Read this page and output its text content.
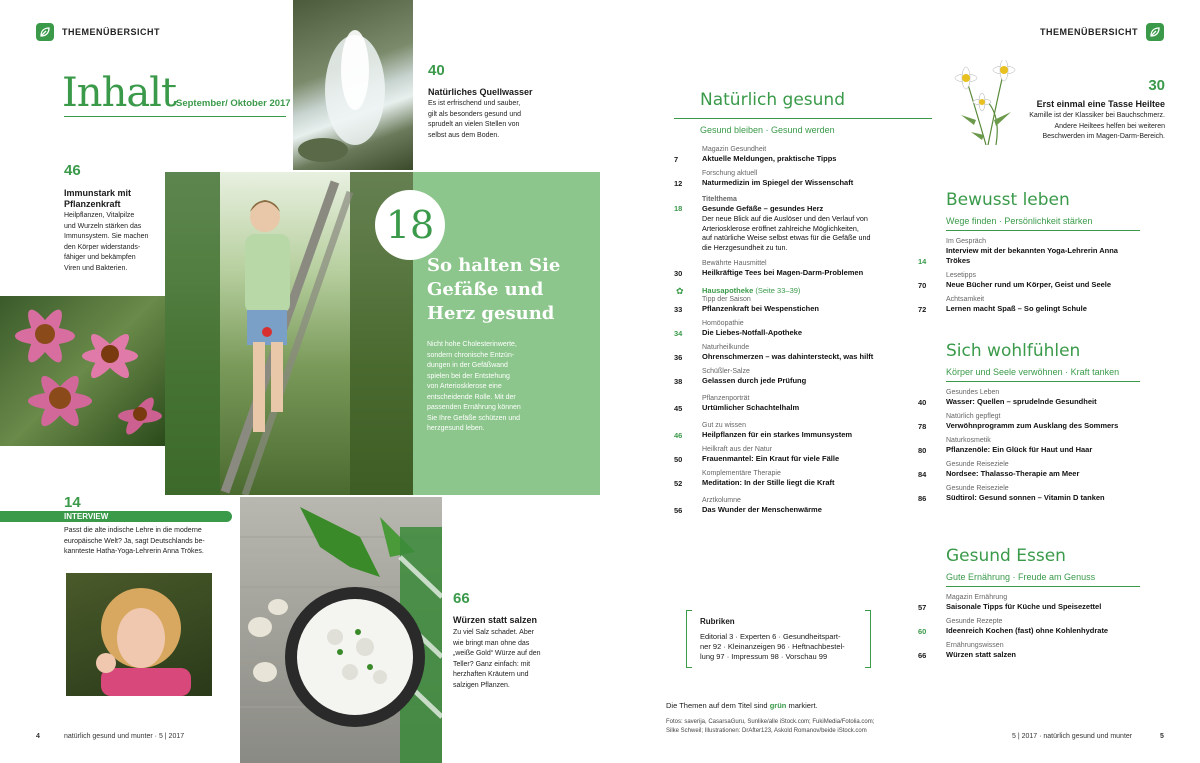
THEMENÜBERSICHT
Inhalt September/ Oktober 2017
40
Natürliches Quellwasser
Es ist erfrischend und sauber,
gilt als besonders gesund und
sprudelt an vielen Stellen von
selbst aus dem Boden.
46
Immunstark mit
Pflanzenkraft
Heilpflanzen, Vitalpilze
und Wurzeln stärken das
Immunsystem. Sie machen
den Körper widerstands-
fähiger und bekämpfen
Viren und Bakterien.
18
So halten Sie
Gefäße und
Herz gesund
Nicht hohe Cholesterinwerte,
sondern chronische Entzün-
dungen in der Gefäßwand
spielen bei der Entstehung
von Arteriosklerose eine
entscheidende Rolle. Mit der
passenden Ernährung können
Sie Ihre Gefäße schützen und
herzgesund leben.
14
INTERVIEW
Passt die alte indische Lehre in die moderne
europäische Welt? Ja, sagt Deutschlands be-
kannteste Hatha-Yoga-Lehrerin Anna Trökes.
66
Würzen statt salzen
Zu viel Salz schadet. Aber
wie bringt man ohne das
„weiße Gold“ Würze auf den
Teller? Ganz einfach: mit
herzhaften Kräutern und
salzigen Pflanzen.
4	natürlich gesund und munter · 5 | 2017
THEMENÜBERSICHT
Natürlich gesund
Gesund bleiben · Gesund werden
Magazin Gesundheit
Aktuelle Meldungen, praktische Tipps
7
Forschung aktuell
Naturmedizin im Spiegel der Wissenschaft
12
Titelthema
Gesunde Gefäße – gesundes Herz
18
Der neue Blick auf die Auslöser und den Verlauf von
Arteriosklerose eröffnet zahlreiche Möglichkeiten,
auf natürliche Weise selbst etwas für die Gefäße und
die Herzgesundheit zu tun.
Bewährte Hausmittel
Heilkräftige Tees bei Magen-Darm-Problemen
30
✿ Hausapotheke (Seite 33–39)
Tipp der Saison
Pflanzenkraft bei Wespenstichen
33
Homöopathie
Die Liebes-Notfall-Apotheke
34
Naturheilkunde
Ohrenschmerzen – was dahintersteckt, was hilft
36
Schüßler-Salze
Gelassen durch jede Prüfung
38
Pflanzenporträt
Urtümlicher Schachtelhalm
45
Gut zu wissen
Heilpflanzen für ein starkes Immunsystem
46
Heilkraft aus der Natur
Frauenmantel: Ein Kraut für viele Fälle
50
Komplementäre Therapie
Meditation: In der Stille liegt die Kraft
52
Arztkolumne
Das Wunder der Menschenwärme
56
Rubriken
Editorial 3 · Experten 6 · Gesundheitspart-
ner 92 · Kleinanzeigen 96 · Heftnachbestel-
lung 97 · Impressum 98 · Vorschau 99
Die Themen auf dem Titel sind grün markiert.
Fotos: saverija, CasarsaGuru, Sunlike/alle iStock.com; FukiMedia/Fotolia.com;
Silke Schweil; Illustrationen: DrAfter123, Askold Romanov/beide iStock.com
30
Erst einmal eine Tasse Heiltee
Kamille ist der Klassiker bei Bauchschmerz.
Andere Heiltees helfen bei weiteren
Beschwerden im Magen-Darm-Bereich.
Bewusst leben
Wege finden · Persönlichkeit stärken
Im Gespräch
Interview mit der bekannten Yoga-Lehrerin Anna Trökes
14
Lesetipps
Neue Bücher rund um Körper, Geist und Seele
70
Achtsamkeit
Lernen macht Spaß – So gelingt Schule
72
Sich wohlfühlen
Körper und Seele verwöhnen · Kraft tanken
Gesundes Leben
Wasser: Quellen – sprudelnde Gesundheit
40
Natürlich gepflegt
Verwöhnprogramm zum Ausklang des Sommers
78
Naturkosmetik
Pflanzenöle: Ein Glück für Haut und Haar
80
Gesunde Reiseziele
Nordsee: Thalasso-Therapie am Meer
84
Gesunde Reiseziele
Südtirol: Gesund sonnen – Vitamin D tanken
86
Gesund Essen
Gute Ernährung · Freude am Genuss
Magazin Ernährung
Saisonale Tipps für Küche und Speisezettel
57
Gesunde Rezepte
Ideenreich Kochen (fast) ohne Kohlenhydrate
60
Ernährungswissen
Würzen statt salzen
66
5 | 2017 · natürlich gesund und munter	5
